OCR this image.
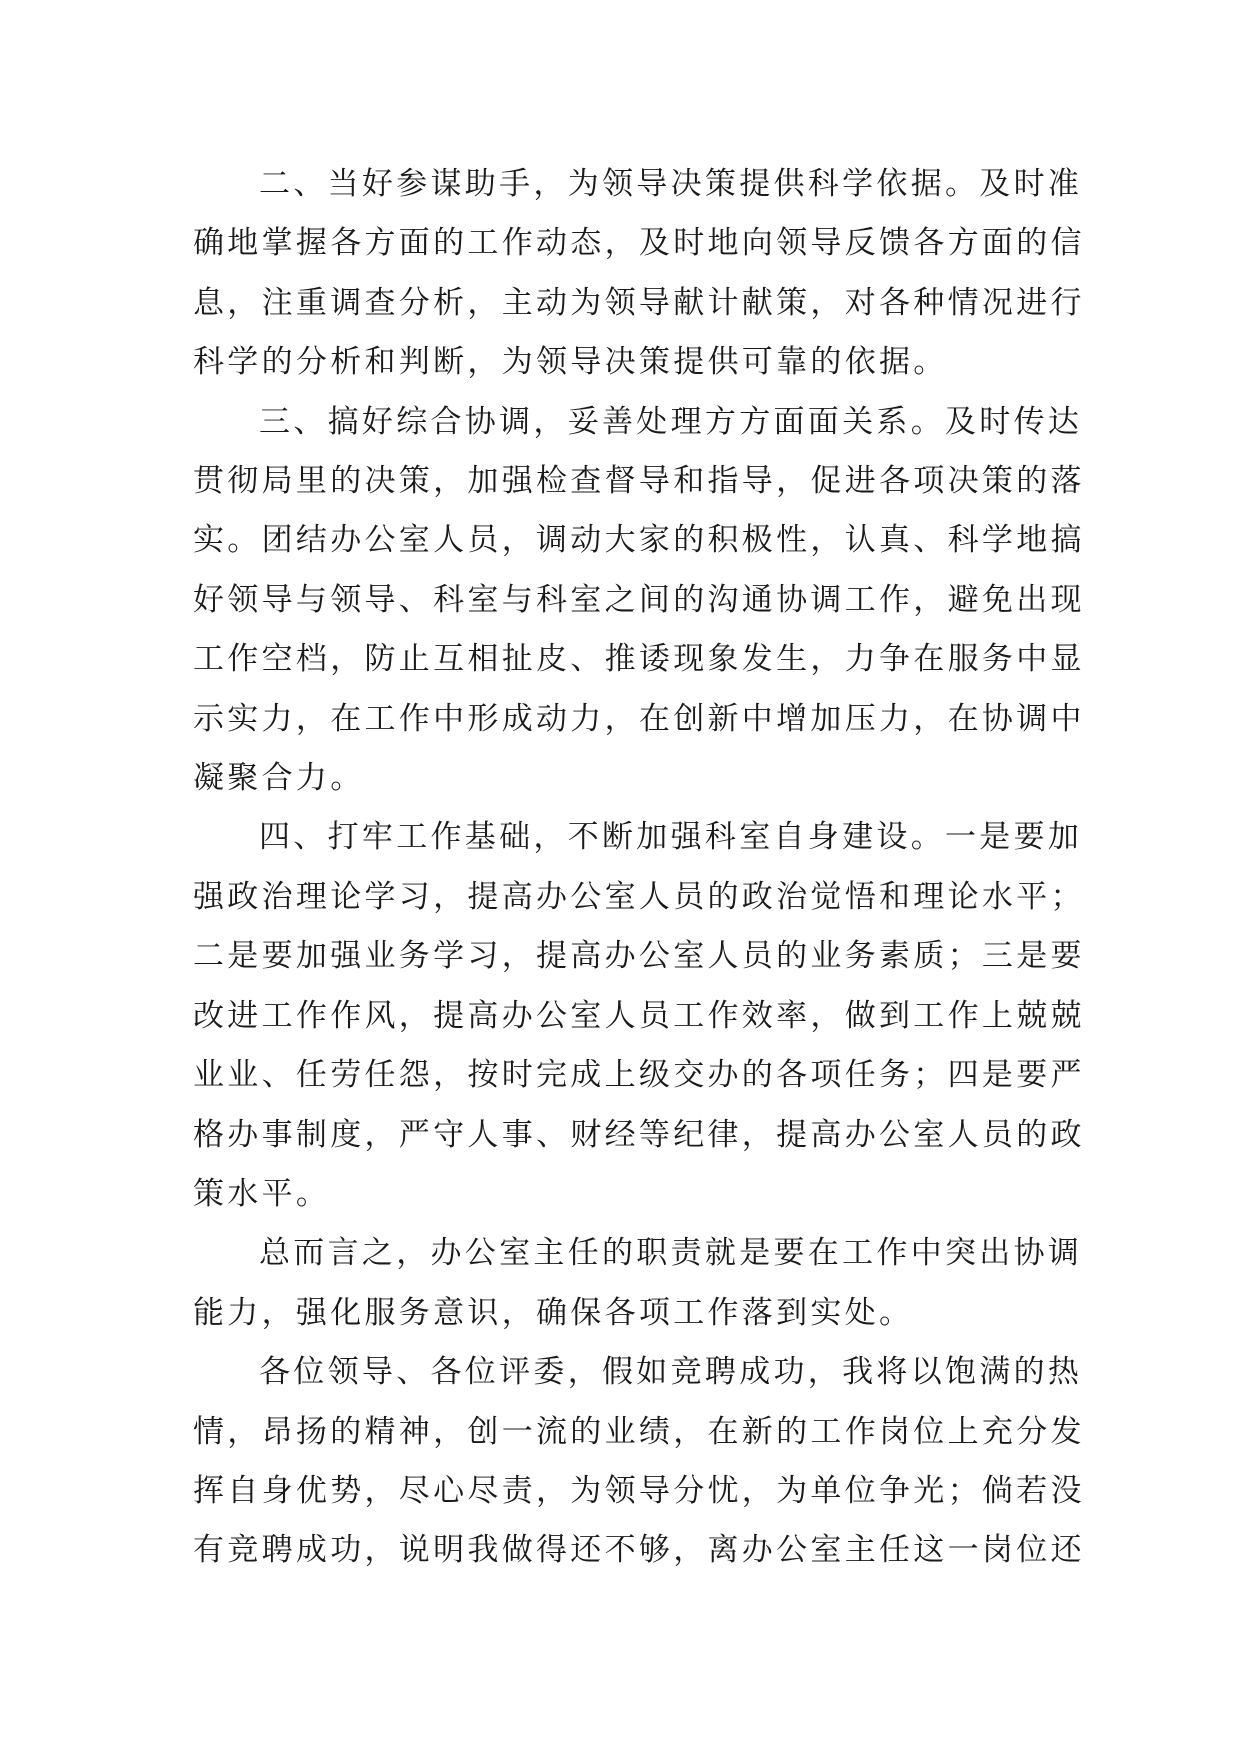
二、当好参谋助手，为领导决策提供科学依据。及时准
确地掌握各方面的工作动态，及时地向领导反馈各方面的信
息，注重调查分析，主动为领导献计献策，对各种情况进行
科学的分析和判断，为领导决策提供可靠的依据。
三、搞好综合协调，妥善处理方方面面关系。及时传达
贯彻局里的决策，加强检查督导和指导，促进各项决策的落
实。团结办公室人员，调动大家的积极性，认真、科学地搞
好领导与领导、科室与科室之间的沟通协调工作，避免出现
工作空档，防止互相扯皮、推诿现象发生，力争在服务中显
示实力，在工作中形成动力，在创新中增加压力，在协调中
凝聚合力。
四、打牢工作基础，不断加强科室自身建设。一是要加
强政治理论学习，提高办公室人员的政治觉悟和理论水平；
二是要加强业务学习，提高办公室人员的业务素质；三是要
改进工作作风，提高办公室人员工作效率，做到工作上兢兢
业业、任劳任怨，按时完成上级交办的各项任务；四是要严
格办事制度，严守人事、财经等纪律，提高办公室人员的政
策水平。
总而言之，办公室主任的职责就是要在工作中突出协调
能力，强化服务意识，确保各项工作落到实处。
各位领导、各位评委，假如竞聘成功，我将以饱满的热
情，昂扬的精神，创一流的业绩，在新的工作岗位上充分发
挥自身优势，尽心尽责，为领导分忧，为单位争光；倘若没
有竞聘成功，说明我做得还不够，离办公室主任这一岗位还
